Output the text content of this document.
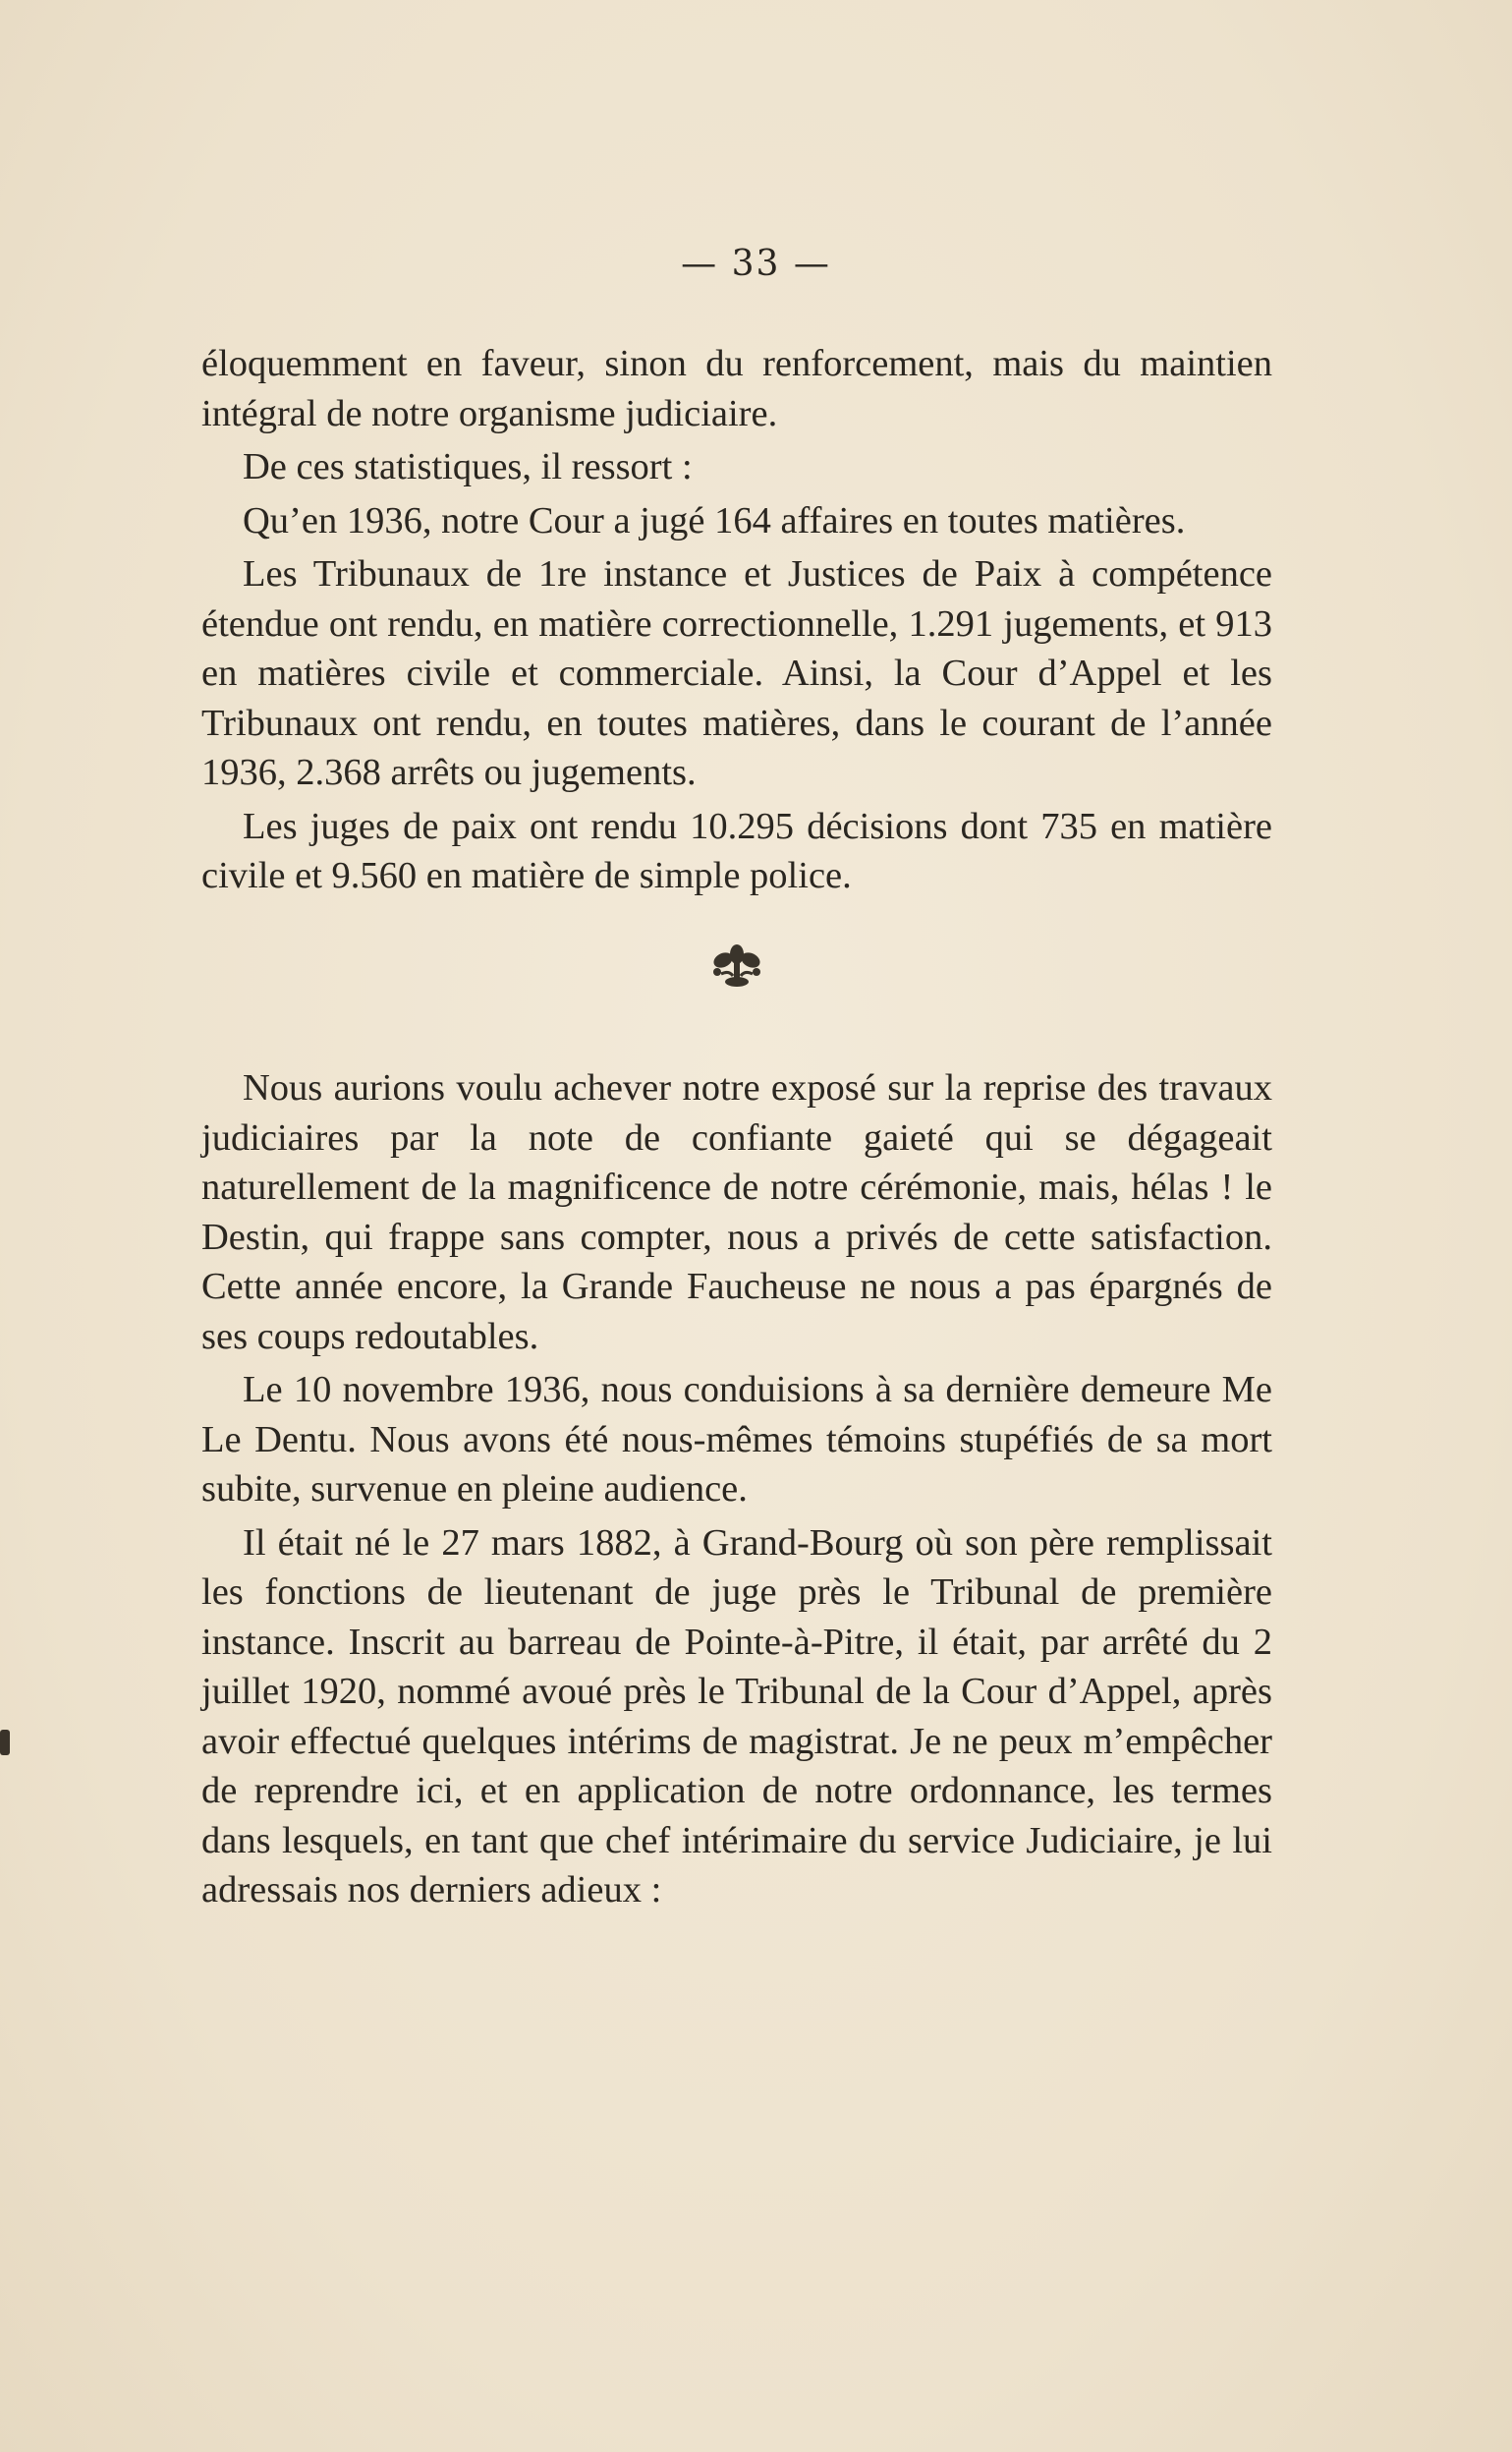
— 33 —

éloquemment en faveur, sinon du renforcement, mais du maintien intégral de notre organisme judiciaire.

De ces statistiques, il ressort :

Qu’en 1936, notre Cour a jugé 164 affaires en toutes matières.

Les Tribunaux de 1re instance et Justices de Paix à compétence étendue ont rendu, en matière correctionnelle, 1.291 jugements, et 913 en matières civile et commerciale. Ainsi, la Cour d’Appel et les Tribunaux ont rendu, en toutes matières, dans le courant de l’année 1936, 2.368 arrêts ou jugements.

Les juges de paix ont rendu 10.295 décisions dont 735 en matière civile et 9.560 en matière de simple police.

Nous aurions voulu achever notre exposé sur la reprise des travaux judiciaires par la note de confiante gaieté qui se dégageait naturellement de la magnificence de notre cérémonie, mais, hélas ! le Destin, qui frappe sans compter, nous a privés de cette satisfaction. Cette année encore, la Grande Faucheuse ne nous a pas épargnés de ses coups redoutables.

Le 10 novembre 1936, nous conduisions à sa dernière demeure Me Le Dentu. Nous avons été nous-mêmes témoins stupéfiés de sa mort subite, survenue en pleine audience.

Il était né le 27 mars 1882, à Grand-Bourg où son père remplissait les fonctions de lieutenant de juge près le Tribunal de première instance. Inscrit au barreau de Pointe-à-Pitre, il était, par arrêté du 2 juillet 1920, nommé avoué près le Tribunal de la Cour d’Appel, après avoir effectué quelques intérims de magistrat. Je ne peux m’empêcher de reprendre ici, et en application de notre ordonnance, les termes dans lesquels, en tant que chef intérimaire du service Judiciaire, je lui adressais nos derniers adieux :
